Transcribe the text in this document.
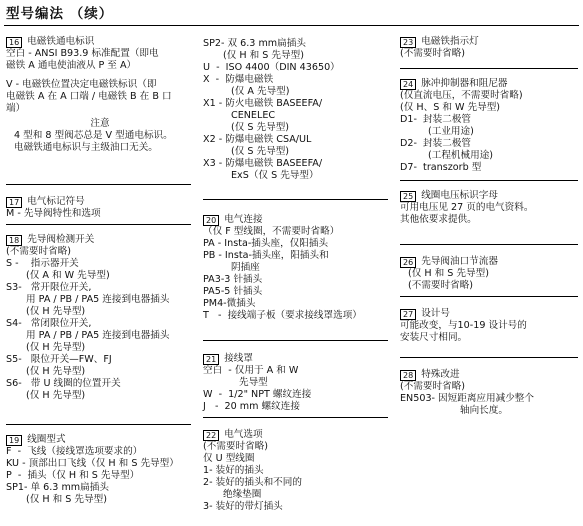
型号编法 （续）
16 电磁铁通电标识
空白 - ANSI B93.9 标准配置（即电
磁铁 A 通电使油液从 P 至 A）
V - 电磁铁位置决定电磁铁标识（即
电磁铁 A 在 A 口端 / 电磁铁 B 在 B 口
端）
注意
4 型和 8 型阀芯总是 V 型通电标识。
电磁铁通电标识与主级油口无关。
17 电气标记符号
M - 先导阀特性和选项
18 先导阀检测开关
(不需要时省略)
S -    指示器开关
(仅 A 和 W 先导型)
S3-   常开限位开关,
用 PA / PB / PA5 连接到电器插头
(仅 H 先导型)
S4-   常闭限位开关,
用 PA / PB / PA5 连接到电器插头
(仅 H 先导型)
S5-   限位开关—FW、FJ
(仅 H 先导型)
S6-   带 U 线圈的位置开关
(仅 H 先导型)
19 线圈型式
F  -  飞线（接线罩选项要求的）
KU - 顶部出口飞线（仅 H 和 S 先导型）
P  -  插头（仅 H 和 S 先导型）
SP1- 单 6.3 mm扁插头
(仅 H 和 S 先导型)
SP2- 双 6.3 mm扁插头
(仅 H 和 S 先导型)
U  -  ISO 4400（DIN 43650）
X  -  防爆电磁铁
(仅 A 先导型)
X1 - 防火电磁铁 BASEEFA/
CENELEC
(仅 S 先导型)
X2 - 防爆电磁铁 CSA/UL
(仅 S 先导型)
X3 - 防爆电磁铁 BASEEFA/
ExS（仅 S 先导型）
20 电气连接
（仅 F 型线圈，不需要时省略）
PA - Insta-插头座，仅阳插头
PB - Insta-插头座，阳插头和
阴插座
PA3-3 针插头
PA5-5 针插头
PM4-微插头
T   -  接线端子板（要求接线罩选项）
21 接线罩
空白  - 仅用于 A 和 W
先导型
W  -  1/2" NPT 螺纹连接
J   -  20 mm 螺纹连接
22 电气选项
(不需要时省略)
仅 U 型线圈
1- 装好的插头
2- 装好的插头和不同的
绝缘垫圈
3- 装好的带灯插头
23 电磁铁指示灯
(不需要时省略)
24 脉冲抑制器和阻尼器
(仅直流电压，不需要时省略)
(仅 H、S 和 W 先导型)
D1-  封装二极管
(工业用途)
D2-  封装二极管
(工程机械用途)
D7-  transzorb 型
25 线圈电压标识字母
可用电压见 27 页的电气资料。
其他依要求提供。
26 先导阀油口节流器
(仅 H 和 S 先导型)
(不需要时省略)
27 设计号
可能改变，与10-19 设计号的
安装尺寸相同。
28 特殊改进
(不需要时省略)
EN503- 因短距离应用减少整个
轴向长度。
